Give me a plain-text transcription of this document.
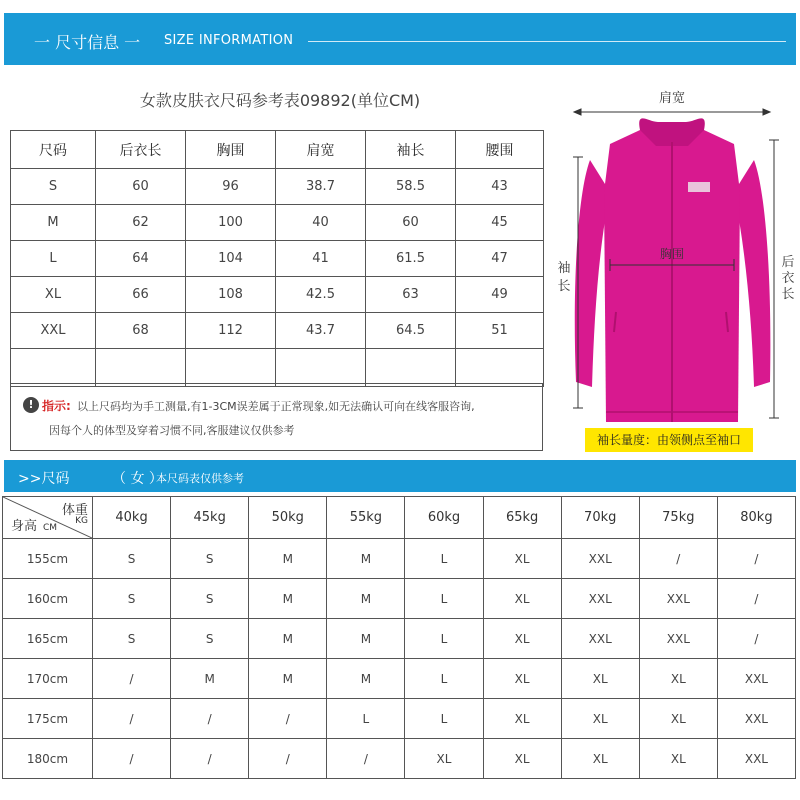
一 尺寸信息 一 SIZE INFORMATION
女款皮肤衣尺码参考表09892(单位CM)
尺码	后衣长	胸围	肩宽	袖长	腰围
S	60	96	38.7	58.5	43
M	62	100	40	60	45
L	64	104	41	61.5	47
XL	66	108	42.5	63	49
XXL	68	112	43.7	64.5	51

! 指示: 以上尺码均为手工测量,有1-3CM误差属于正常现象,如无法确认可向在线客服咨询,
因每个人的体型及穿着习惯不同,客服建议仅供参考
肩宽
胸围
袖
长
后
衣
长
袖长量度：由领侧点至袖口
>>尺码	（ 女 ）
本尺码表仅供参考
体重
KG
身高 CM	40kg	45kg	50kg	55kg	60kg	65kg	70kg	75kg	80kg
155cm	S	S	M	M	L	XL	XXL	/	/
160cm	S	S	M	M	L	XL	XXL	XXL	/
165cm	S	S	M	M	L	XL	XXL	XXL	/
170cm	/	M	M	M	L	XL	XL	XL	XXL
175cm	/	/	/	L	L	XL	XL	XL	XXL
180cm	/	/	/	/	XL	XL	XL	XL	XXL
